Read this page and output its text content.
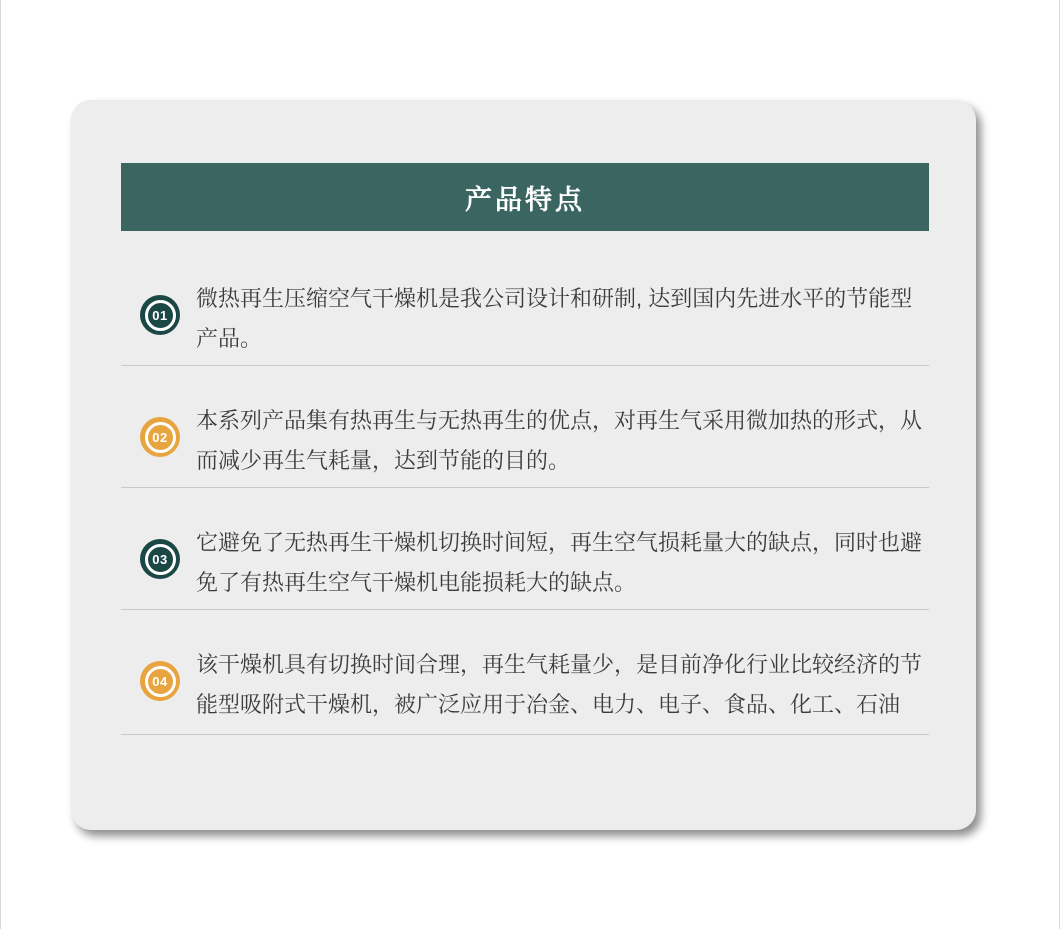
产品特点
01

微热再生压缩空气干燥机是我公司设计和研制, 达到国内先进水平的节能型产品。

02

本系列产品集有热再生与无热再生的优点，对再生气采用微加热的形式，从而减少再生气耗量，达到节能的目的。

03

它避免了无热再生干燥机切换时间短，再生空气损耗量大的缺点，同时也避免了有热再生空气干燥机电能损耗大的缺点。

04

该干燥机具有切换时间合理，再生气耗量少，是目前净化行业比较经济的节能型吸附式干燥机，被广泛应用于冶金、电力、电子、食品、化工、石油
